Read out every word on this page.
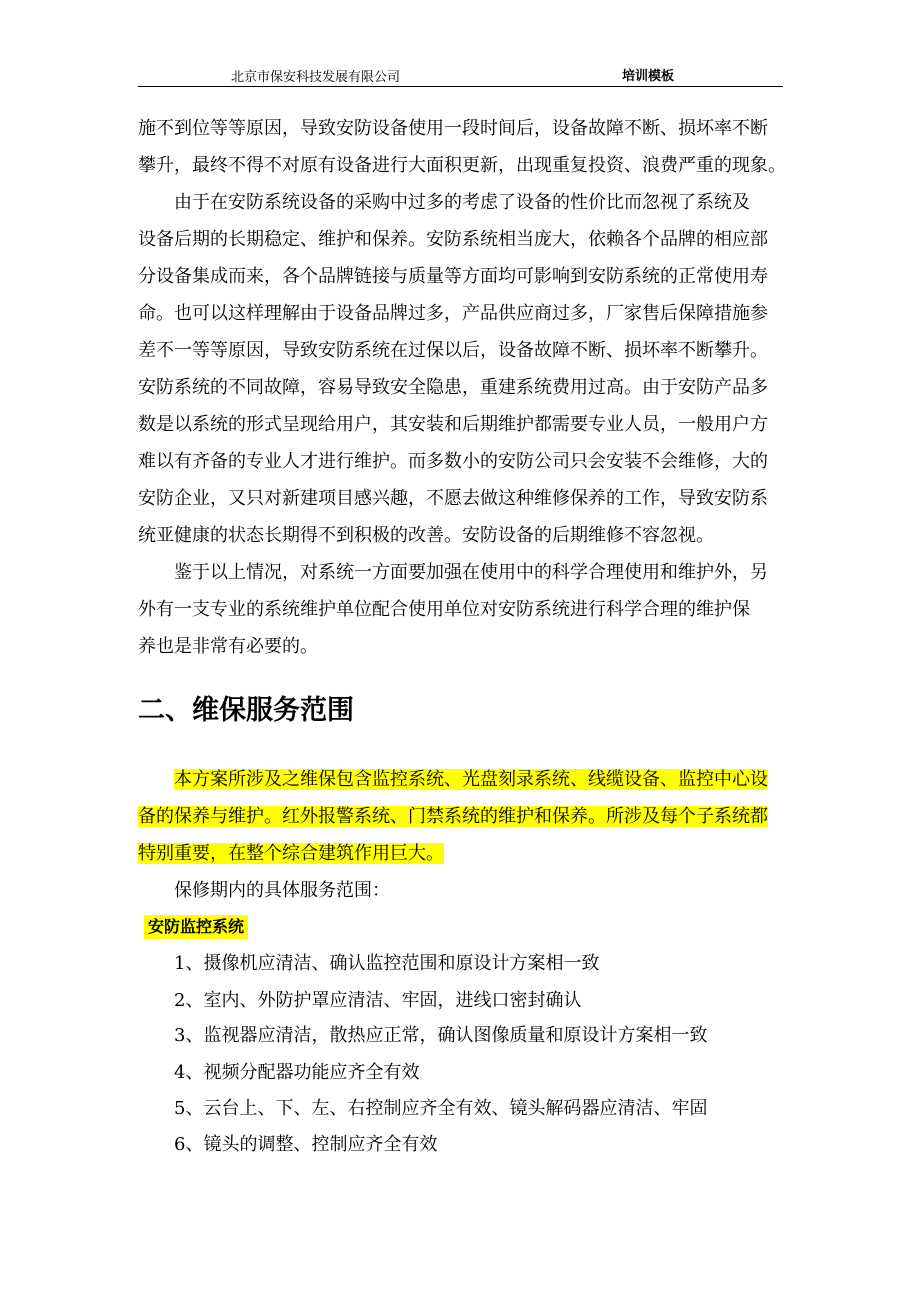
北京市保安科技发展有限公司	培训模板
施不到位等等原因，导致安防设备使用一段时间后，设备故障不断、损坏率不断
攀升，最终不得不对原有设备进行大面积更新，出现重复投资、浪费严重的现象。
由于在安防系统设备的采购中过多的考虑了设备的性价比而忽视了系统及
设备后期的长期稳定、维护和保养。安防系统相当庞大，依赖各个品牌的相应部
分设备集成而来，各个品牌链接与质量等方面均可影响到安防系统的正常使用寿
命。也可以这样理解由于设备品牌过多，产品供应商过多，厂家售后保障措施参
差不一等等原因，导致安防系统在过保以后，设备故障不断、损坏率不断攀升。
安防系统的不同故障，容易导致安全隐患，重建系统费用过高。由于安防产品多
数是以系统的形式呈现给用户，其安装和后期维护都需要专业人员，一般用户方
难以有齐备的专业人才进行维护。而多数小的安防公司只会安装不会维修，大的
安防企业，又只对新建项目感兴趣，不愿去做这种维修保养的工作，导致安防系
统亚健康的状态长期得不到积极的改善。安防设备的后期维修不容忽视。
鉴于以上情况，对系统一方面要加强在使用中的科学合理使用和维护外，另
外有一支专业的系统维护单位配合使用单位对安防系统进行科学合理的维护保
养也是非常有必要的。
二、维保服务范围
本方案所涉及之维保包含监控系统、光盘刻录系统、线缆设备、监控中心设
备的保养与维护。红外报警系统、门禁系统的维护和保养。所涉及每个子系统都
特别重要，在整个综合建筑作用巨大。
保修期内的具体服务范围：
安防监控系统
1、摄像机应清洁、确认监控范围和原设计方案相一致
2、室内、外防护罩应清洁、牢固，进线口密封确认
3、监视器应清洁，散热应正常，确认图像质量和原设计方案相一致
4、视频分配器功能应齐全有效
5、云台上、下、左、右控制应齐全有效、镜头解码器应清洁、牢固
6、镜头的调整、控制应齐全有效
